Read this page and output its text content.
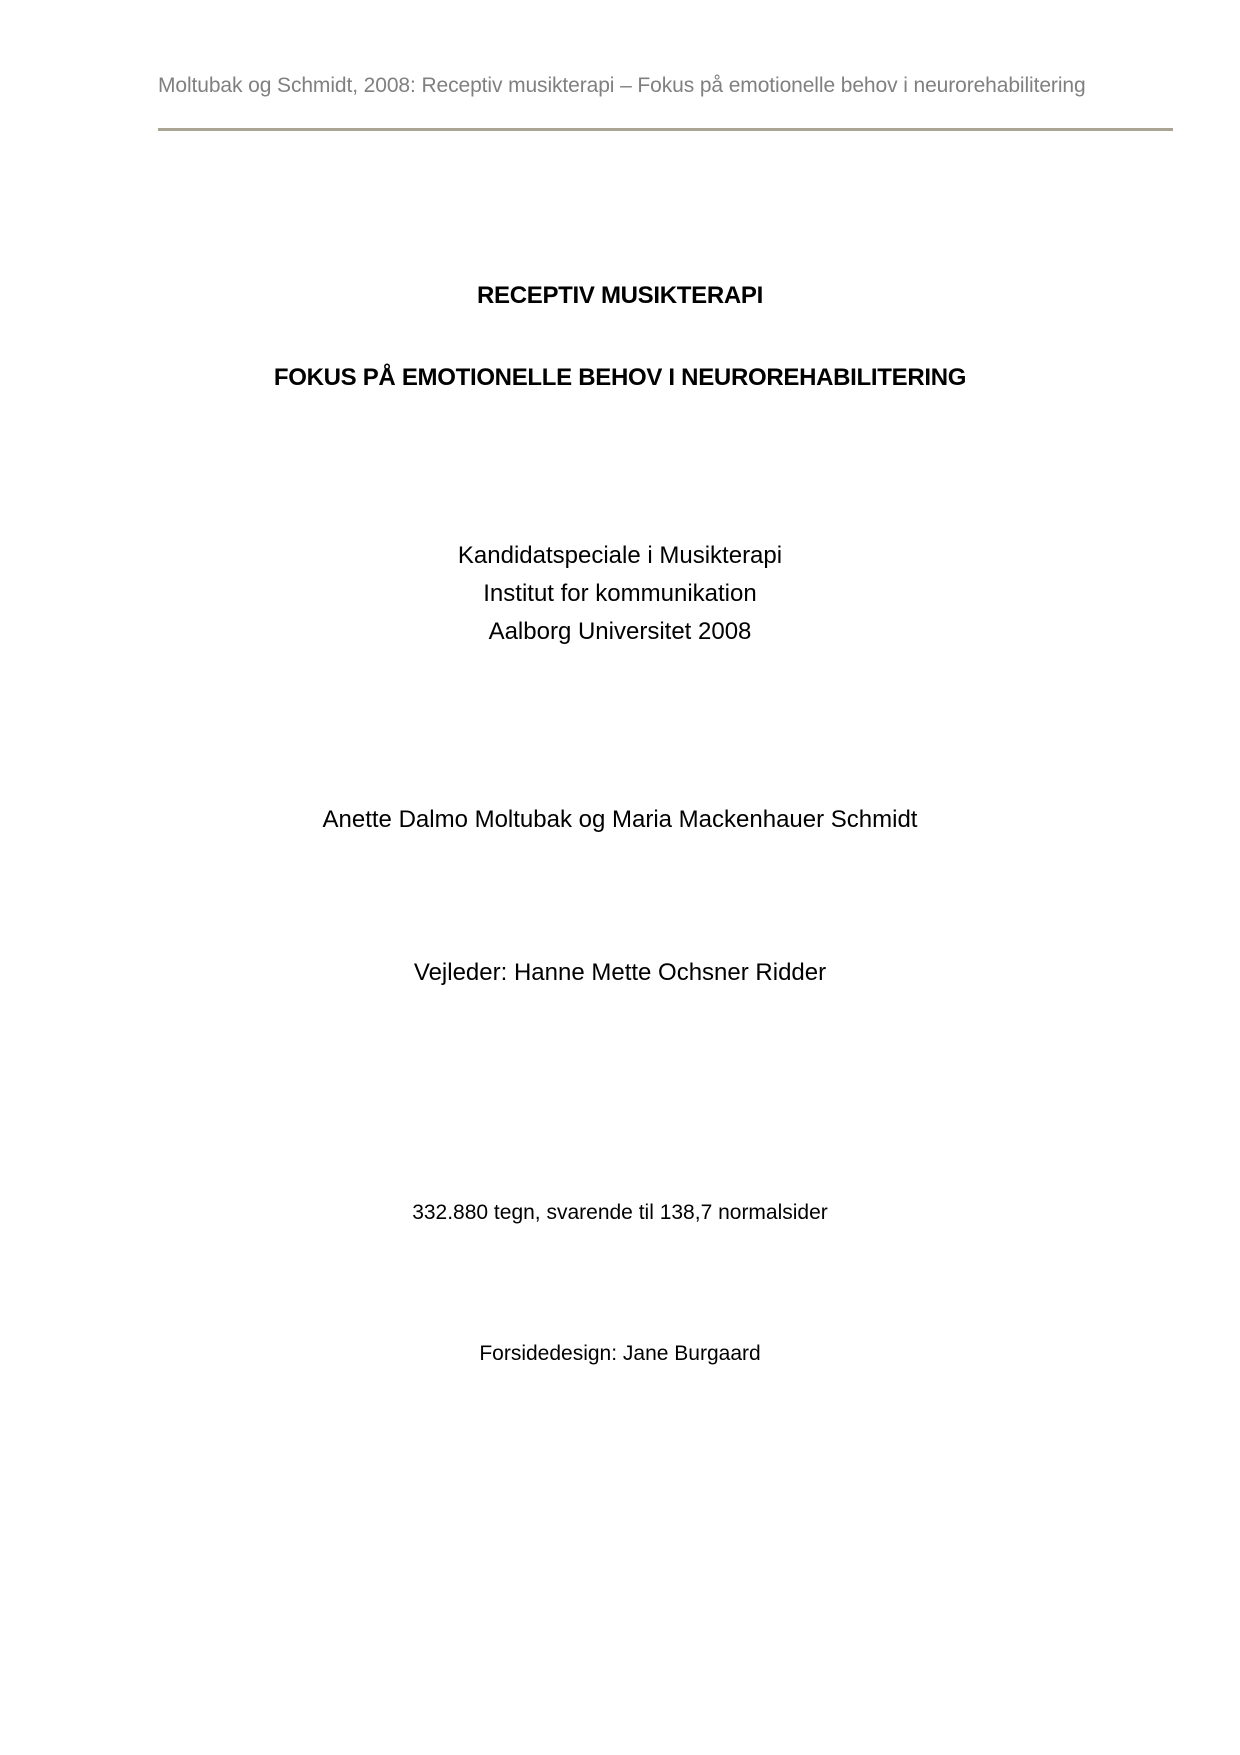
Moltubak og Schmidt, 2008: Receptiv musikterapi – Fokus på emotionelle behov i neurorehabilitering
RECEPTIV MUSIKTERAPI
FOKUS PÅ EMOTIONELLE BEHOV I NEUROREHABILITERING
Kandidatspeciale i Musikterapi
Institut for kommunikation
Aalborg Universitet 2008
Anette Dalmo Moltubak og Maria Mackenhauer Schmidt
Vejleder: Hanne Mette Ochsner Ridder
332.880 tegn, svarende til 138,7 normalsider
Forsidedesign: Jane Burgaard
